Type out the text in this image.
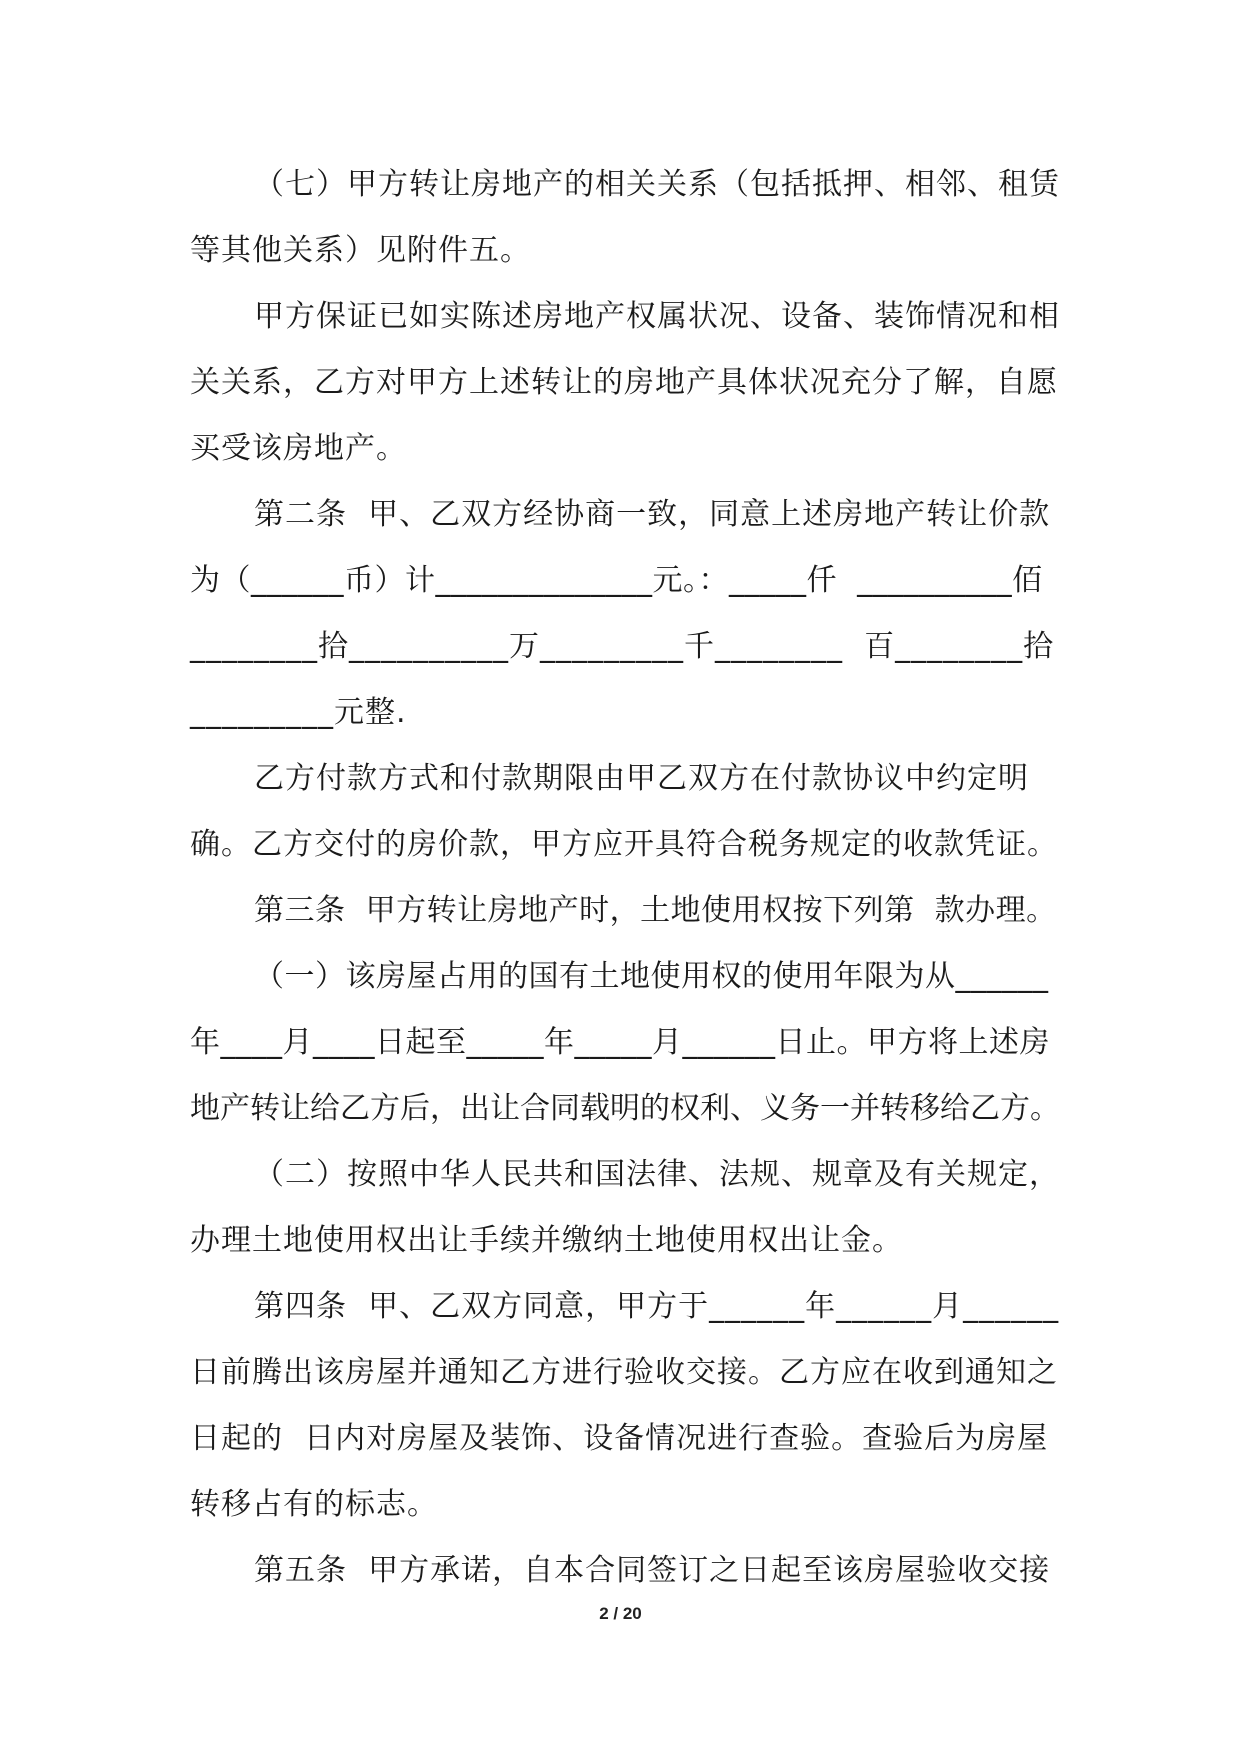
（七）甲方转让房地产的相关关系（包括抵押、相邻、租赁
等其他关系）见附件五。
甲方保证已如实陈述房地产权属状况、设备、装饰情况和相
关关系，乙方对甲方上述转让的房地产具体状况充分了解，自愿
买受该房地产。
第二条  甲、乙双方经协商一致，同意上述房地产转让价款
为（______币）计______________元。：_____仟  __________佰
________拾__________万_________千________  百________拾
_________元整.
乙方付款方式和付款期限由甲乙双方在付款协议中约定明
确。乙方交付的房价款，甲方应开具符合税务规定的收款凭证。
第三条  甲方转让房地产时，土地使用权按下列第  款办理。
（一）该房屋占用的国有土地使用权的使用年限为从______
年____月____日起至_____年_____月______日止。甲方将上述房
地产转让给乙方后，出让合同载明的权利、义务一并转移给乙方。
（二）按照中华人民共和国法律、法规、规章及有关规定，
办理土地使用权出让手续并缴纳土地使用权出让金。
第四条  甲、乙双方同意，甲方于______年______月______
日前腾出该房屋并通知乙方进行验收交接。乙方应在收到通知之
日起的  日内对房屋及装饰、设备情况进行查验。查验后为房屋
转移占有的标志。
第五条  甲方承诺，自本合同签订之日起至该房屋验收交接
2 / 20
